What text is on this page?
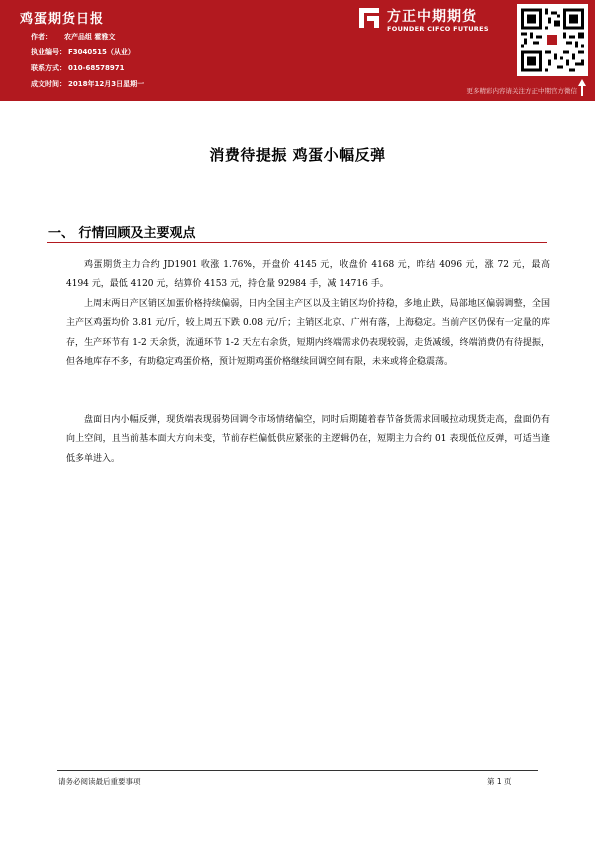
鸡蛋期货日报
作者： 农产品组 霍雅文
执业编号： F3040515（从业）
联系方式： 010-68578971
成文时间： 2018年12月3日星期一
方正中期期货
FOUNDER CIFCO FUTURES
更多精彩内容请关注方正中期官方微信
消费待提振 鸡蛋小幅反弹
一、 行情回顾及主要观点

鸡蛋期货主力合约 JD1901 收涨 1.76%，开盘价 4145 元，收盘价 4168 元，昨结 4096 元，涨 72 元，最高 4194 元，最低 4120 元，结算价 4153 元，持仓量 92984 手，减 14716 手。

上周末两日产区销区加蛋价格持续偏弱，日内全国主产区以及主销区均价持稳，多地止跌，局部地区偏弱调整，全国主产区鸡蛋均价 3.81 元/斤，较上周五下跌 0.08 元/斤；主销区北京、广州有落，上海稳定。当前产区仍保有一定量的库存，生产环节有 1-2 天余货，流通环节 1-2 天左右余货，短期内终端需求仍表现较弱，走货减缓，终端消费仍有待提振，但各地库存不多，有助稳定鸡蛋价格，预计短期鸡蛋价格继续回调空间有限，未来或将企稳震荡。

盘面日内小幅反弹，现货端表现弱势回调令市场情绪偏空，同时后期随着春节备货需求回暖拉动现货走高，盘面仍有向上空间，且当前基本面大方向未变，节前存栏偏低供应紧张的主逻辑仍在，短期主力合约 01 表现低位反弹，可适当逢低多单进入。

请务必阅读最后重要事项	第 1 页
